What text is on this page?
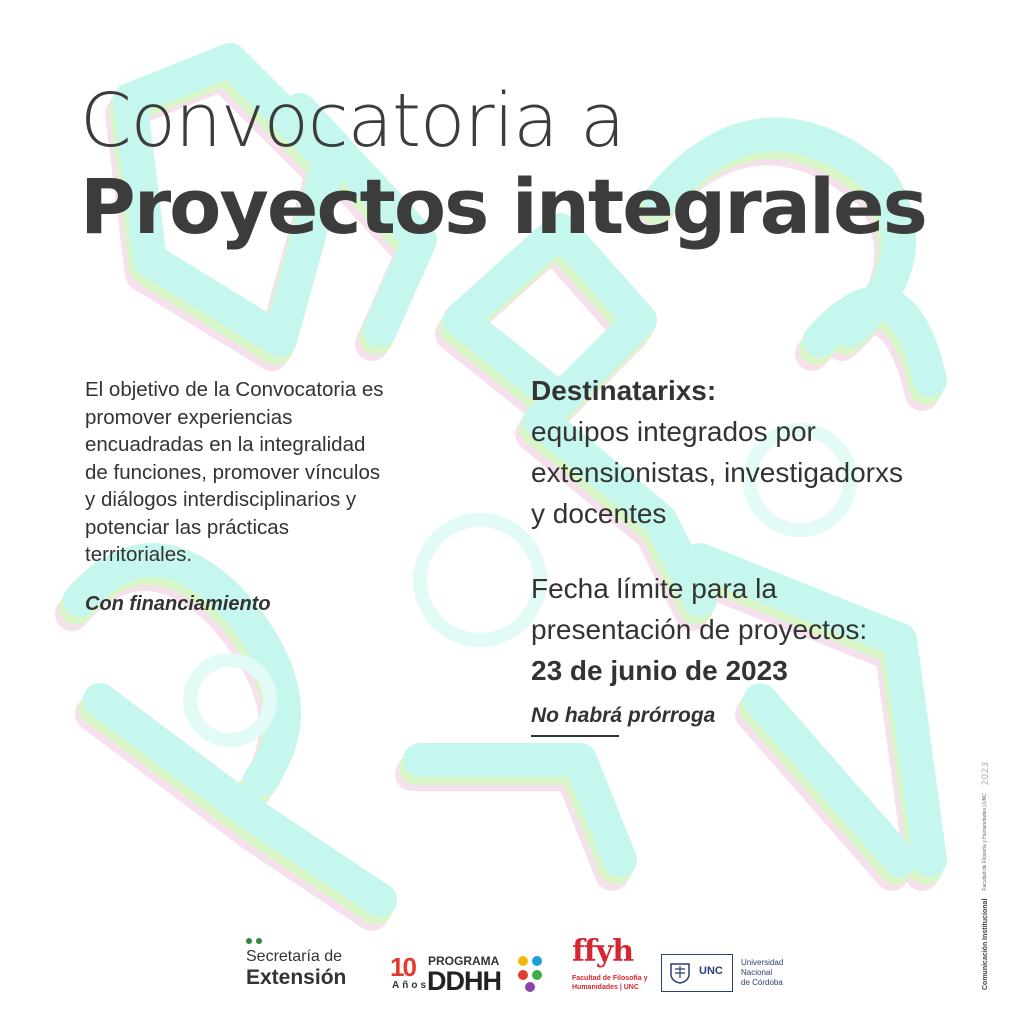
Convocatoria a
Proyectos integrales
El objetivo de la Convocatoria es
promover experiencias
encuadradas en la integralidad
de funciones, promover vínculos
y diálogos interdisciplinarios y
potenciar las prácticas
territoriales.
Con financiamiento
Destinatarixs:
equipos integrados por
extensionistas, investigadorxs
y docentes
Fecha límite para la
presentación de proyectos:
23 de junio de 2023
No habrá prórroga
Secretaría de
Extensión 10
Años
PROGRAMA
DDHH
ffyh
Facultad de Filosofía y Humanidades | UNC
UNC
Universidad
Nacional
de Córdoba	Comunicación Institucional
Facultad de Filosofía y Humanidades | UNC
2023
